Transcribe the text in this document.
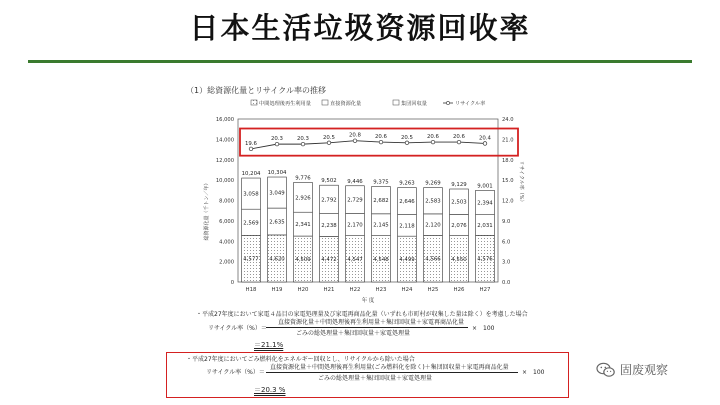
日本生活垃圾资源回收率
（1）総資源化量とリサイクル率の推移
中間処理後再生利用量	直接資源化量	集団回収量	リサイクル率
0
2,000
4,000
6,000
8,000
10,000
12,000
14,000
16,000
0.0
3.0
6.0
9.0
12.0
15.0
18.0
21.0
24.0
総資源化量（千トン／年）	リサイクル率（%）
4,577
2,569
3,058
10,204
H18
4,620
2,635
3,049
10,304
H19
4,509
2,341
2,926
9,776
H20
4,472
2,238
2,792
9,502
H21
4,547
2,170
2,729
9,446
H22
4,548
2,145
2,682
9,375
H23
4,499
2,118
2,646
9,263
H24
4,566
2,120
2,583
9,269
H25
4,550
2,076
2,503
9,129
H26
4,576
2,031
2,394
9,001
H27
年 度
19.6
20.3	20.3	20.5	20.8	20.6	20.5	20.6	20.6	20.4
・平成27年度において家電４品目の家電処理量及び家電再商品化量（いずれも市町村が収集した量は除く）を考慮した場合
リサイクル率（%）＝
直接資源化量＋中間処理後再生利用量＋集団回収量＋家電再商品化量
ごみの総処理量＋集団回収量＋家電処理量
×　100
＝21.1%
・平成27年度においてごみ燃料化をエネルギー回収とし、リサイクルから除いた場合
リサイクル率（%）＝
直接資源化量＋中間処理後再生利用量(ごみ燃料化を除く)＋集団回収量＋家電再商品化量
ごみの総処理量＋集団回収量＋家電処理量
×　100
＝20.3 %
固废观察
